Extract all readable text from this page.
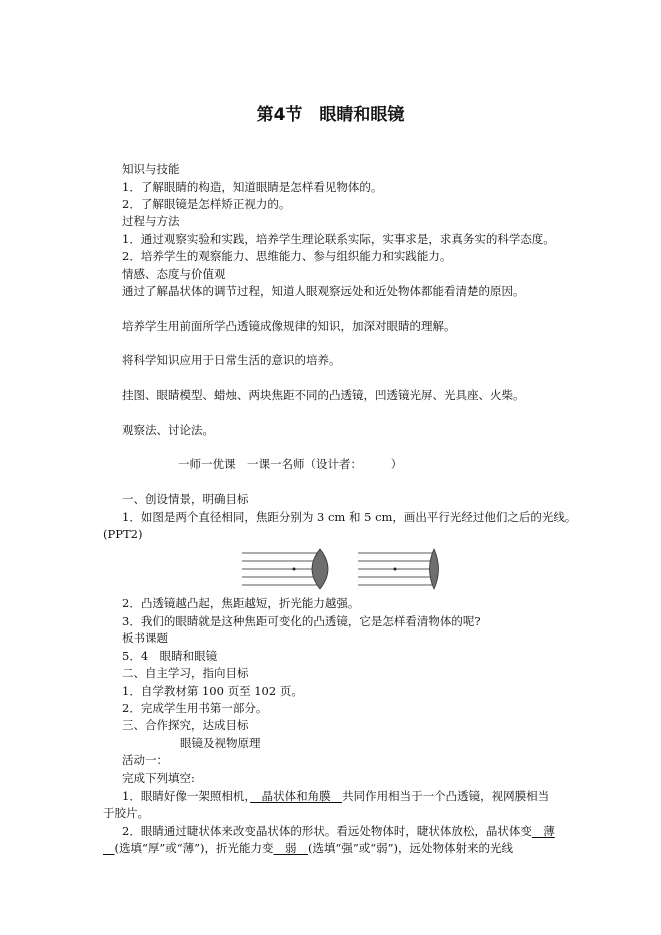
第4节　眼睛和眼镜
知识与技能
1．了解眼睛的构造，知道眼睛是怎样看见物体的。
2．了解眼镜是怎样矫正视力的。
过程与方法
1．通过观察实验和实践，培养学生理论联系实际，实事求是，求真务实的科学态度。
2．培养学生的观察能力、思维能力、参与组织能力和实践能力。
情感、态度与价值观
通过了解晶状体的调节过程，知道人眼观察远处和近处物体都能看清楚的原因。
培养学生用前面所学凸透镜成像规律的知识，加深对眼睛的理解。
将科学知识应用于日常生活的意识的培养。
挂图、眼睛模型、蜡烛、两块焦距不同的凸透镜，凹透镜光屏、光具座、火柴。
观察法、讨论法。
一师一优课　一课一名师（设计者：　　　）
一、创设情景，明确目标
1．如图是两个直径相同，焦距分别为 3 cm 和 5 cm，画出平行光经过他们之后的光线。
(PPT2)
2．凸透镜越凸起，焦距越短，折光能力越强。
3．我们的眼睛就是这种焦距可变化的凸透镜，它是怎样看清物体的呢?
板书课题
5．4　眼睛和眼镜
二、自主学习，指向目标
1．自学教材第 100 页至 102 页。
2．完成学生用书第一部分。
三、合作探究，达成目标
眼镜及视物原理
活动一：
完成下列填空:
1．眼睛好像一架照相机，　晶状体和角膜　共同作用相当于一个凸透镜，视网膜相当
于胶片。
2．眼睛通过睫状体来改变晶状体的形状。看远处物体时，睫状体放松，晶状体变　薄
　(选填“厚”或“薄”)，折光能力变　弱　(选填“强”或“弱”)，远处物体射来的光线
